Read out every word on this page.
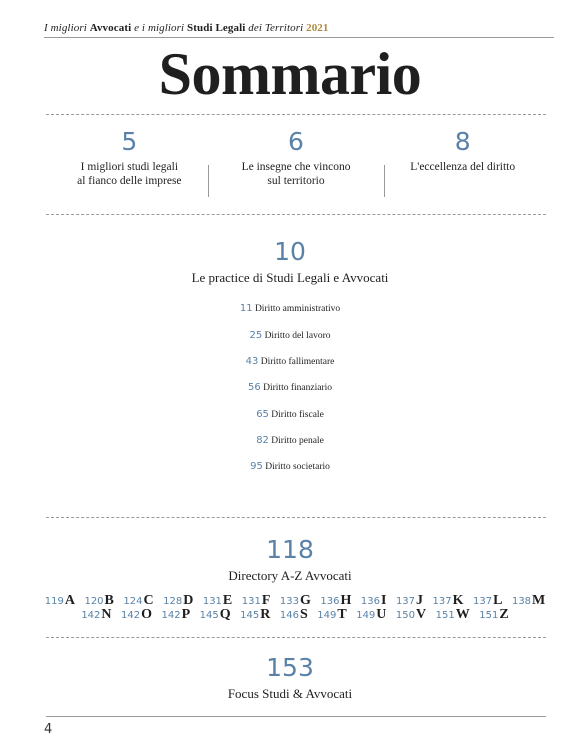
I migliori Avvocati e i migliori Studi Legali dei Territori 2021
Sommario
5
I migliori studi legali
al fianco delle imprese
6
Le insegne che vincono
sul territorio
8
L'eccellenza del diritto
10
Le practice di Studi Legali e Avvocati
11 Diritto amministrativo
25 Diritto del lavoro
43 Diritto fallimentare
56 Diritto finanziario
65 Diritto fiscale
82 Diritto penale
95 Diritto societario
118
Directory A-Z Avvocati
119A 120B 124C 128D 131E 131F 133G 136H 136I 137J 137K 137L 138M
142N 142O 142P 145Q 145R 146S 149T 149U 150V 151W 151Z
153
Focus Studi & Avvocati
4
